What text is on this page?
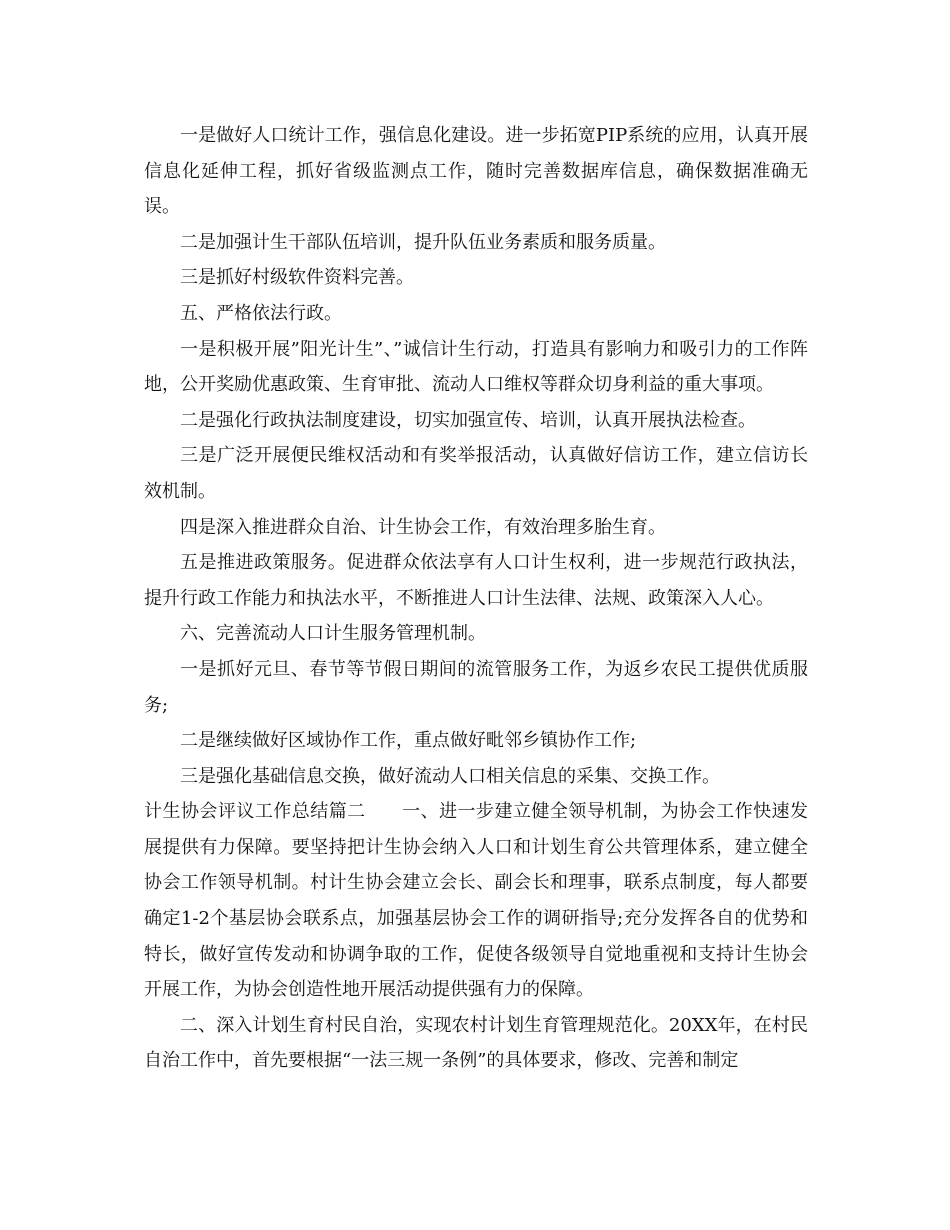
一是做好人口统计工作，强信息化建设。进一步拓宽PIP系统的应用，认真开展信息化延伸工程，抓好省级监测点工作，随时完善数据库信息，确保数据准确无误。

二是加强计生干部队伍培训，提升队伍业务素质和服务质量。

三是抓好村级软件资料完善。

五、严格依法行政。

一是积极开展”阳光计生”、”诚信计生行动，打造具有影响力和吸引力的工作阵地，公开奖励优惠政策、生育审批、流动人口维权等群众切身利益的重大事项。

二是强化行政执法制度建设，切实加强宣传、培训，认真开展执法检查。

三是广泛开展便民维权活动和有奖举报活动，认真做好信访工作，建立信访长效机制。

四是深入推进群众自治、计生协会工作，有效治理多胎生育。

五是推进政策服务。促进群众依法享有人口计生权利，进一步规范行政执法，提升行政工作能力和执法水平，不断推进人口计生法律、法规、政策深入人心。

六、完善流动人口计生服务管理机制。

一是抓好元旦、春节等节假日期间的流管服务工作，为返乡农民工提供优质服务;

二是继续做好区域协作工作，重点做好毗邻乡镇协作工作;

三是强化基础信息交换，做好流动人口相关信息的采集、交换工作。

计生协会评议工作总结篇二 一、进一步建立健全领导机制，为协会工作快速发展提供有力保障。要坚持把计生协会纳入人口和计划生育公共管理体系，建立健全协会工作领导机制。村计生协会建立会长、副会长和理事，联系点制度，每人都要确定1-2个基层协会联系点，加强基层协会工作的调研指导;充分发挥各自的优势和特长，做好宣传发动和协调争取的工作，促使各级领导自觉地重视和支持计生协会开展工作，为协会创造性地开展活动提供强有力的保障。

二、深入计划生育村民自治，实现农村计划生育管理规范化。20XX年，在村民自治工作中，首先要根据“一法三规一条例”的具体要求，修改、完善和制定
